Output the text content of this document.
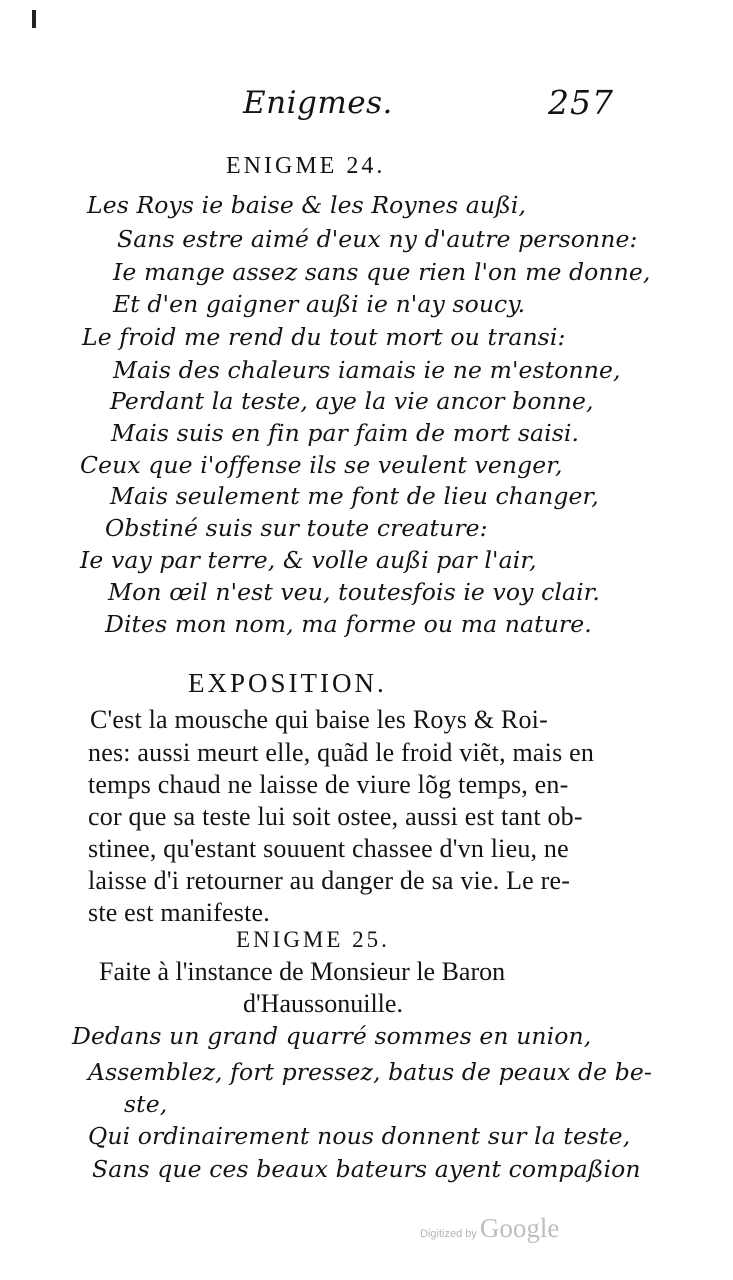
Enigmes.	257
ENIGME 24.
Les Roys ie baise & les Roynes außi,
Sans estre aimé d'eux ny d'autre personne:
Ie mange assez sans que rien l'on me donne,
Et d'en gaigner außi ie n'ay soucy.
Le froid me rend du tout mort ou transi:
Mais des chaleurs iamais ie ne m'estonne,
Perdant la teste, aye la vie ancor bonne,
Mais suis en fin par faim de mort saisi.
Ceux que i'offense ils se veulent venger,
Mais seulement me font de lieu changer,
Obstiné suis sur toute creature:
Ie vay par terre, & volle außi par l'air,
Mon œil n'est veu, toutesfois ie voy clair.
Dites mon nom, ma forme ou ma nature.
EXPOSITION.
C'est la mousche qui baise les Roys & Roi-
nes: aussi meurt elle, quãd le froid viẽt, mais en
temps chaud ne laisse de viure lõg temps, en-
cor que sa teste lui soit ostee, aussi est tant ob-
stinee, qu'estant souuent chassee d'vn lieu, ne
laisse d'i retourner au danger de sa vie. Le re-
ste est manifeste.
ENIGME 25.
Faite à l'instance de Monsieur le Baron
d'Haussonuille.
Dedans un grand quarré sommes en union,
Assemblez, fort pressez, batus de peaux de be-
ste,
Qui ordinairement nous donnent sur la teste,
Sans que ces beaux bateurs ayent compaßion
Digitized by Google
